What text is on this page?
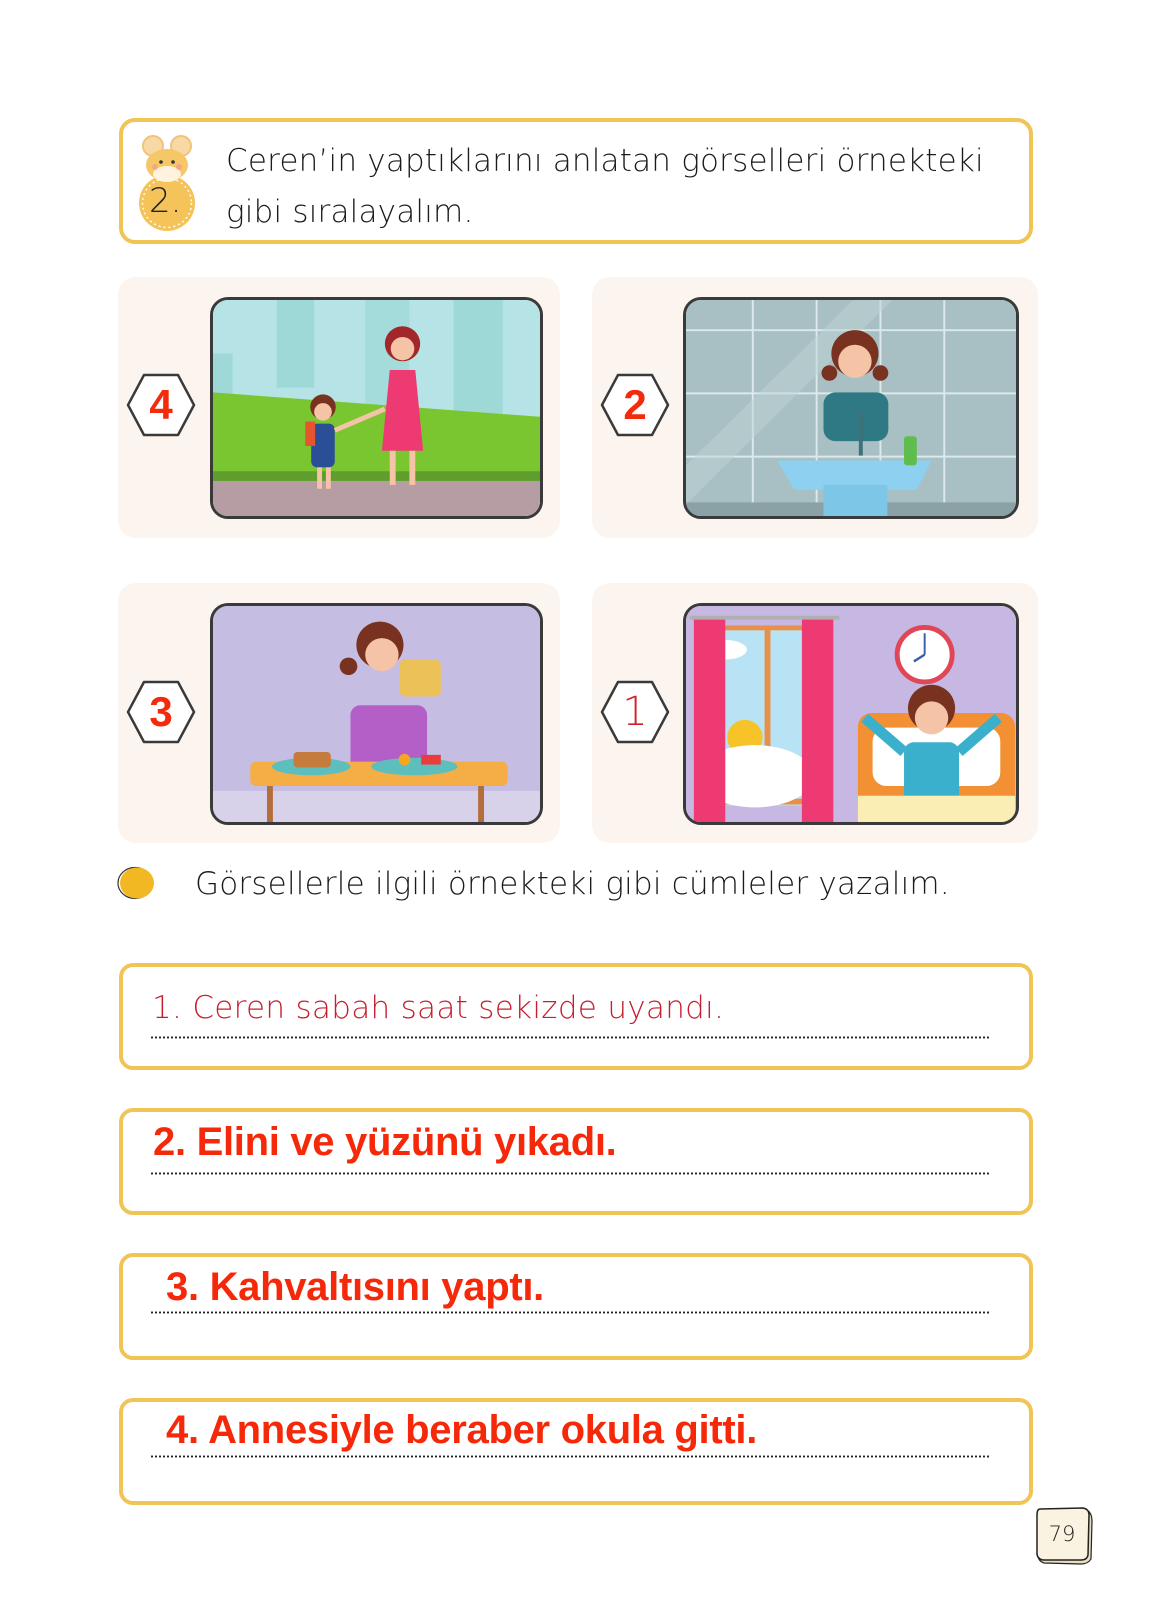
2.
Ceren’in yaptıklarını anlatan görselleri örnekteki
gibi sıralayalım.
4	2
3	1
Görsellerle ilgili örnekteki gibi cümleler yazalım.
1. Ceren sabah saat sekizde uyandı.
2. Elini ve yüzünü yıkadı.
3. Kahvaltısını yaptı.
4. Annesiyle beraber okula gitti.
79
